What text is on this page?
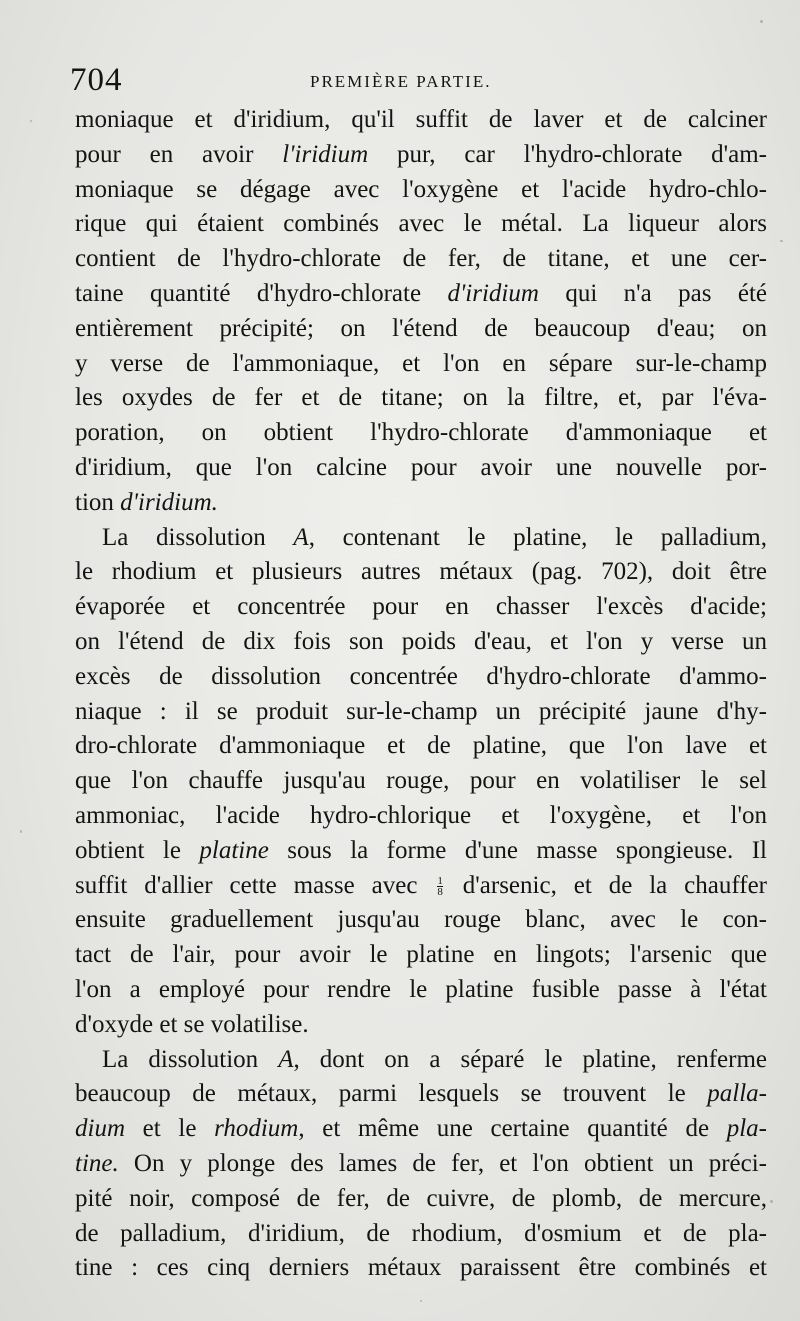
704	PREMIÈRE PARTIE.
moniaque et d'iridium, qu'il suffit de laver et de calciner
pour en avoir l'iridium pur, car l'hydro-chlorate d'am-
moniaque se dégage avec l'oxygène et l'acide hydro-chlo-
rique qui étaient combinés avec le métal. La liqueur alors
contient de l'hydro-chlorate de fer, de titane, et une cer-
taine quantité d'hydro-chlorate d'iridium qui n'a pas été
entièrement précipité; on l'étend de beaucoup d'eau; on
y verse de l'ammoniaque, et l'on en sépare sur-le-champ
les oxydes de fer et de titane; on la filtre, et, par l'éva-
poration, on obtient l'hydro-chlorate d'ammoniaque et
d'iridium, que l'on calcine pour avoir une nouvelle por-
tion d'iridium.
La dissolution A, contenant le platine, le palladium,
le rhodium et plusieurs autres métaux (pag. 702), doit être
évaporée et concentrée pour en chasser l'excès d'acide;
on l'étend de dix fois son poids d'eau, et l'on y verse un
excès de dissolution concentrée d'hydro-chlorate d'ammo-
niaque : il se produit sur-le-champ un précipité jaune d'hy-
dro-chlorate d'ammoniaque et de platine, que l'on lave et
que l'on chauffe jusqu'au rouge, pour en volatiliser le sel
ammoniac, l'acide hydro-chlorique et l'oxygène, et l'on
obtient le platine sous la forme d'une masse spongieuse. Il
suffit d'allier cette masse avec $\frac{1}{8}$ d'arsenic, et de la chauffer
ensuite graduellement jusqu'au rouge blanc, avec le con-
tact de l'air, pour avoir le platine en lingots; l'arsenic que
l'on a employé pour rendre le platine fusible passe à l'état
d'oxyde et se volatilise.
La dissolution A, dont on a séparé le platine, renferme
beaucoup de métaux, parmi lesquels se trouvent le palla-
dium et le rhodium, et même une certaine quantité de pla-
tine. On y plonge des lames de fer, et l'on obtient un préci-
pité noir, composé de fer, de cuivre, de plomb, de mercure,
de palladium, d'iridium, de rhodium, d'osmium et de pla-
tine : ces cinq derniers métaux paraissent être combinés et
